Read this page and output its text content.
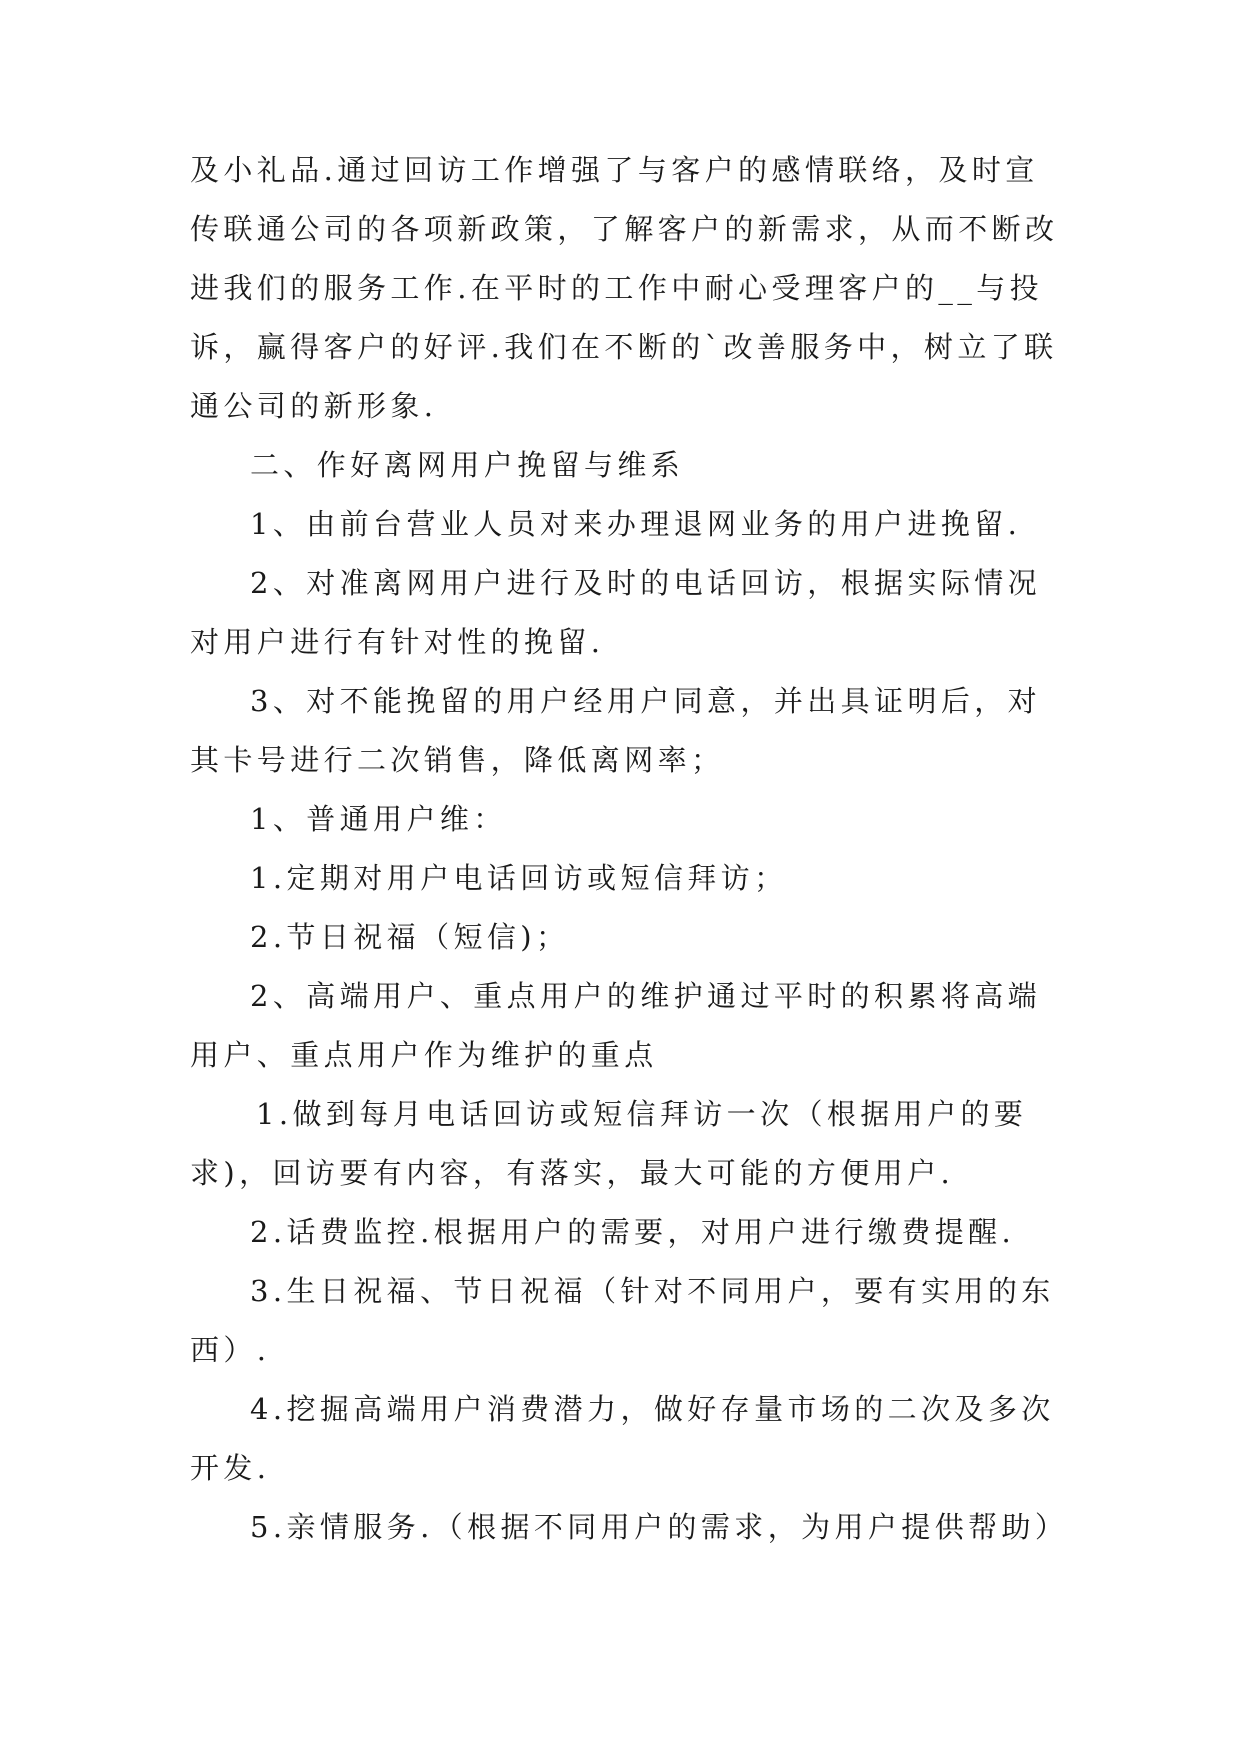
及小礼品.通过回访工作增强了与客户的感情联络，及时宣
传联通公司的各项新政策，了解客户的新需求，从而不断改
进我们的服务工作.在平时的工作中耐心受理客户的__与投
诉，赢得客户的好评.我们在不断的`改善服务中，树立了联
通公司的新形象.
二、作好离网用户挽留与维系
1、由前台营业人员对来办理退网业务的用户进挽留.
2、对准离网用户进行及时的电话回访，根据实际情况
对用户进行有针对性的挽留.
3、对不能挽留的用户经用户同意，并出具证明后，对
其卡号进行二次销售，降低离网率；
1、普通用户维：
1.定期对用户电话回访或短信拜访；
2.节日祝福（短信)；
2、高端用户、重点用户的维护通过平时的积累将高端
用户、重点用户作为维护的重点
1.做到每月电话回访或短信拜访一次（根据用户的要
求)，回访要有内容，有落实，最大可能的方便用户.
2.话费监控.根据用户的需要，对用户进行缴费提醒.
3.生日祝福、节日祝福（针对不同用户，要有实用的东
西）.
4.挖掘高端用户消费潜力，做好存量市场的二次及多次
开发.
5.亲情服务.（根据不同用户的需求，为用户提供帮助）
